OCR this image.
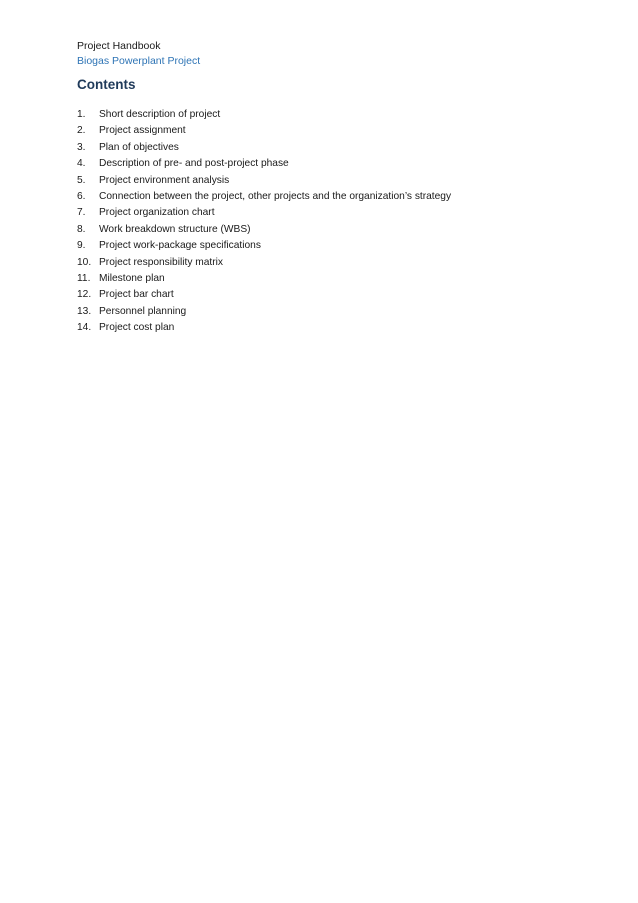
Project Handbook
Biogas Powerplant Project
Contents
1.	Short description of project
2.	Project assignment
3.	Plan of objectives
4.	Description of pre- and post-project phase
5.	Project environment analysis
6.	Connection between the project, other projects and the organization’s strategy
7.	Project organization chart
8.	Work breakdown structure (WBS)
9.	Project work-package specifications
10. Project responsibility matrix
11. Milestone plan
12. Project bar chart
13. Personnel planning
14. Project cost plan
